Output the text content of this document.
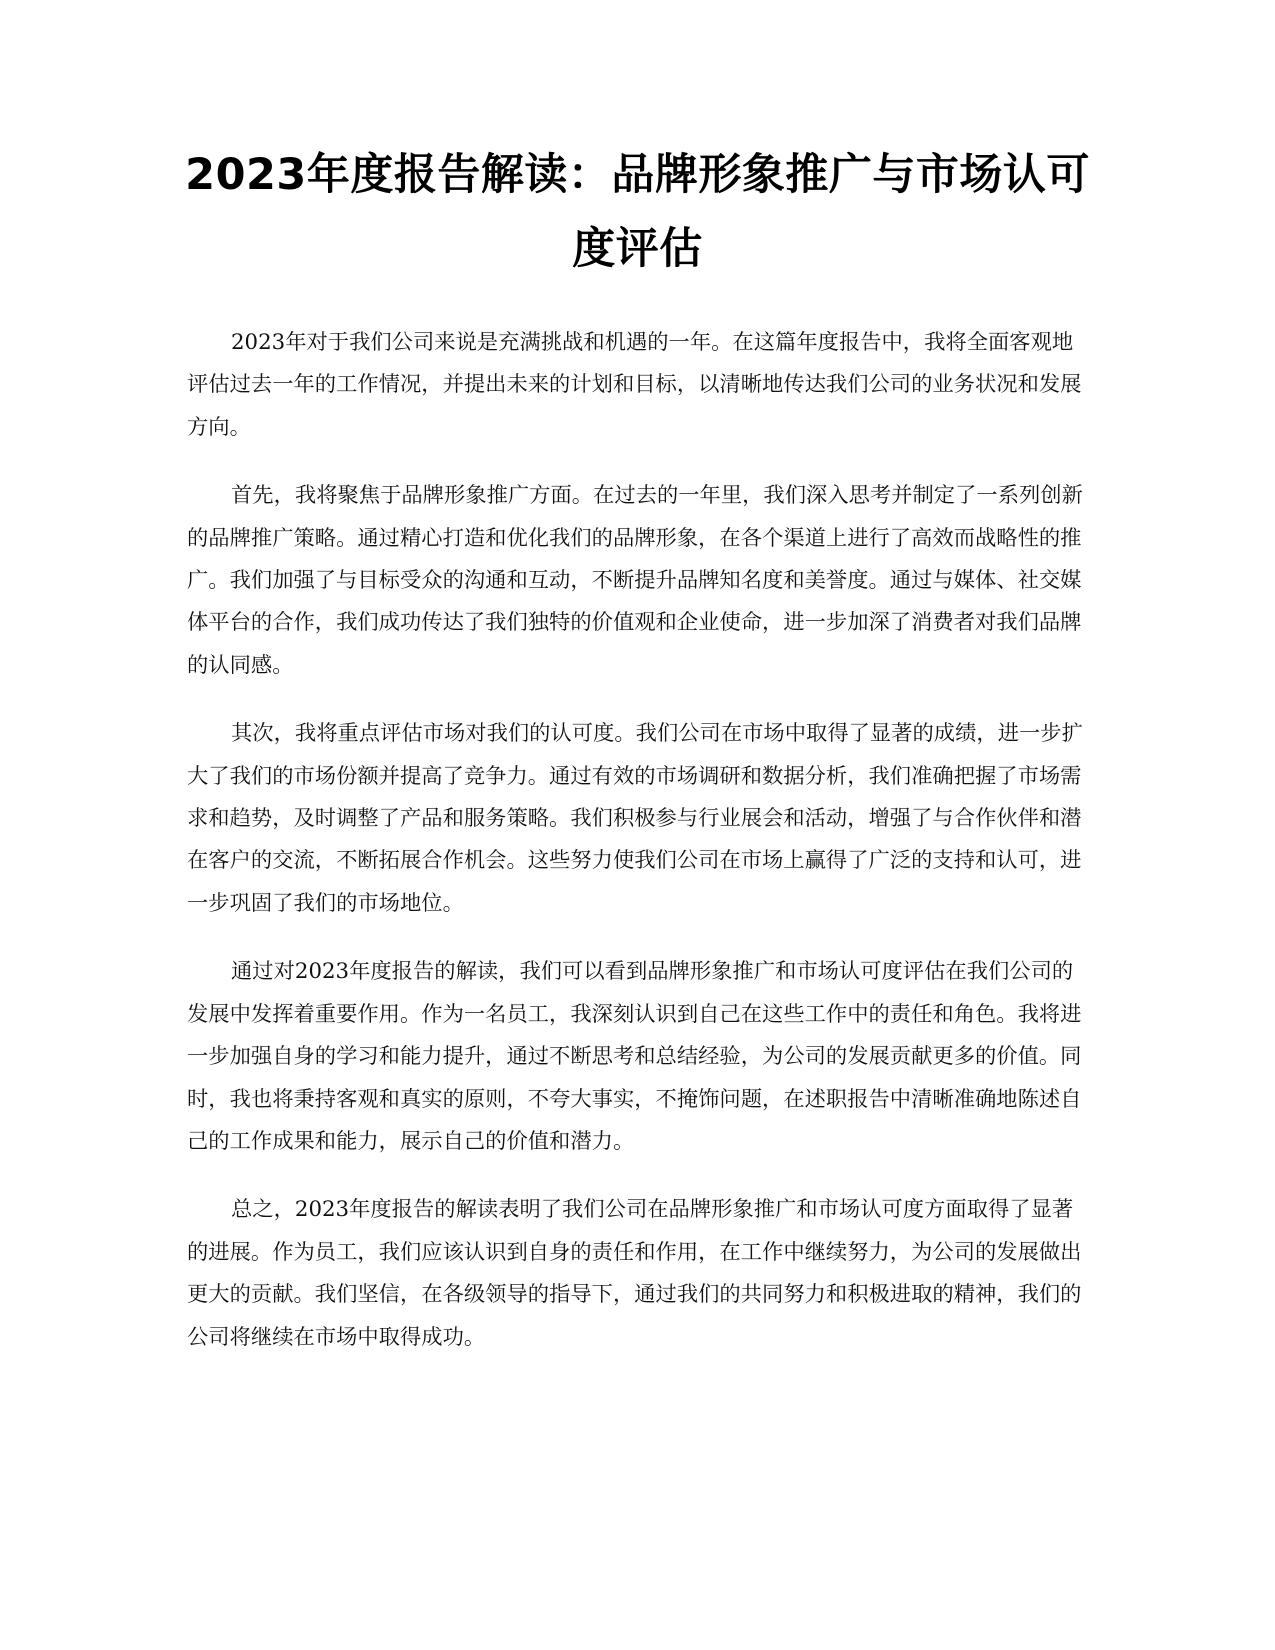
2023年度报告解读：品牌形象推广与市场认可度评估

2023年对于我们公司来说是充满挑战和机遇的一年。在这篇年度报告中，我将全面客观地评估过去一年的工作情况，并提出未来的计划和目标，以清晰地传达我们公司的业务状况和发展方向。

首先，我将聚焦于品牌形象推广方面。在过去的一年里，我们深入思考并制定了一系列创新的品牌推广策略。通过精心打造和优化我们的品牌形象，在各个渠道上进行了高效而战略性的推广。我们加强了与目标受众的沟通和互动，不断提升品牌知名度和美誉度。通过与媒体、社交媒体平台的合作，我们成功传达了我们独特的价值观和企业使命，进一步加深了消费者对我们品牌的认同感。

其次，我将重点评估市场对我们的认可度。我们公司在市场中取得了显著的成绩，进一步扩大了我们的市场份额并提高了竞争力。通过有效的市场调研和数据分析，我们准确把握了市场需求和趋势，及时调整了产品和服务策略。我们积极参与行业展会和活动，增强了与合作伙伴和潜在客户的交流，不断拓展合作机会。这些努力使我们公司在市场上赢得了广泛的支持和认可，进一步巩固了我们的市场地位。

通过对2023年度报告的解读，我们可以看到品牌形象推广和市场认可度评估在我们公司的发展中发挥着重要作用。作为一名员工，我深刻认识到自己在这些工作中的责任和角色。我将进一步加强自身的学习和能力提升，通过不断思考和总结经验，为公司的发展贡献更多的价值。同时，我也将秉持客观和真实的原则，不夸大事实，不掩饰问题，在述职报告中清晰准确地陈述自己的工作成果和能力，展示自己的价值和潜力。

总之，2023年度报告的解读表明了我们公司在品牌形象推广和市场认可度方面取得了显著的进展。作为员工，我们应该认识到自身的责任和作用，在工作中继续努力，为公司的发展做出更大的贡献。我们坚信，在各级领导的指导下，通过我们的共同努力和积极进取的精神，我们的公司将继续在市场中取得成功。
